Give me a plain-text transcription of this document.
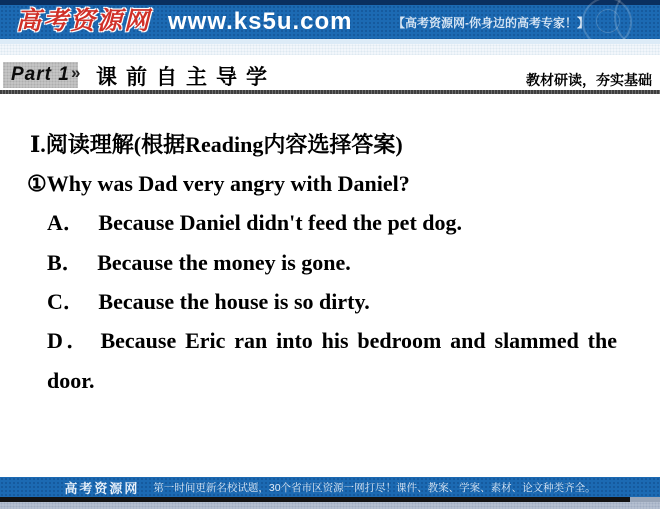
高考资源网 www.ks5u.com	【高考资源网-你身边的高考专家！】
Part 1 » 课前自主导学	教材研读，夯实基础
Ⅰ.阅读理解(根据Reading内容选择答案)
①Why was Dad very angry with Daniel?
A． Because Daniel didn't feed the pet dog.
B． Because the money is gone.
C． Because the house is so dirty.
D． Because Eric ran into his bedroom and slammed the
door.
高考资源网 第一时间更新名校试题，30个省市区资源一网打尽！课件、教案、学案、素材、论文种类齐全。
